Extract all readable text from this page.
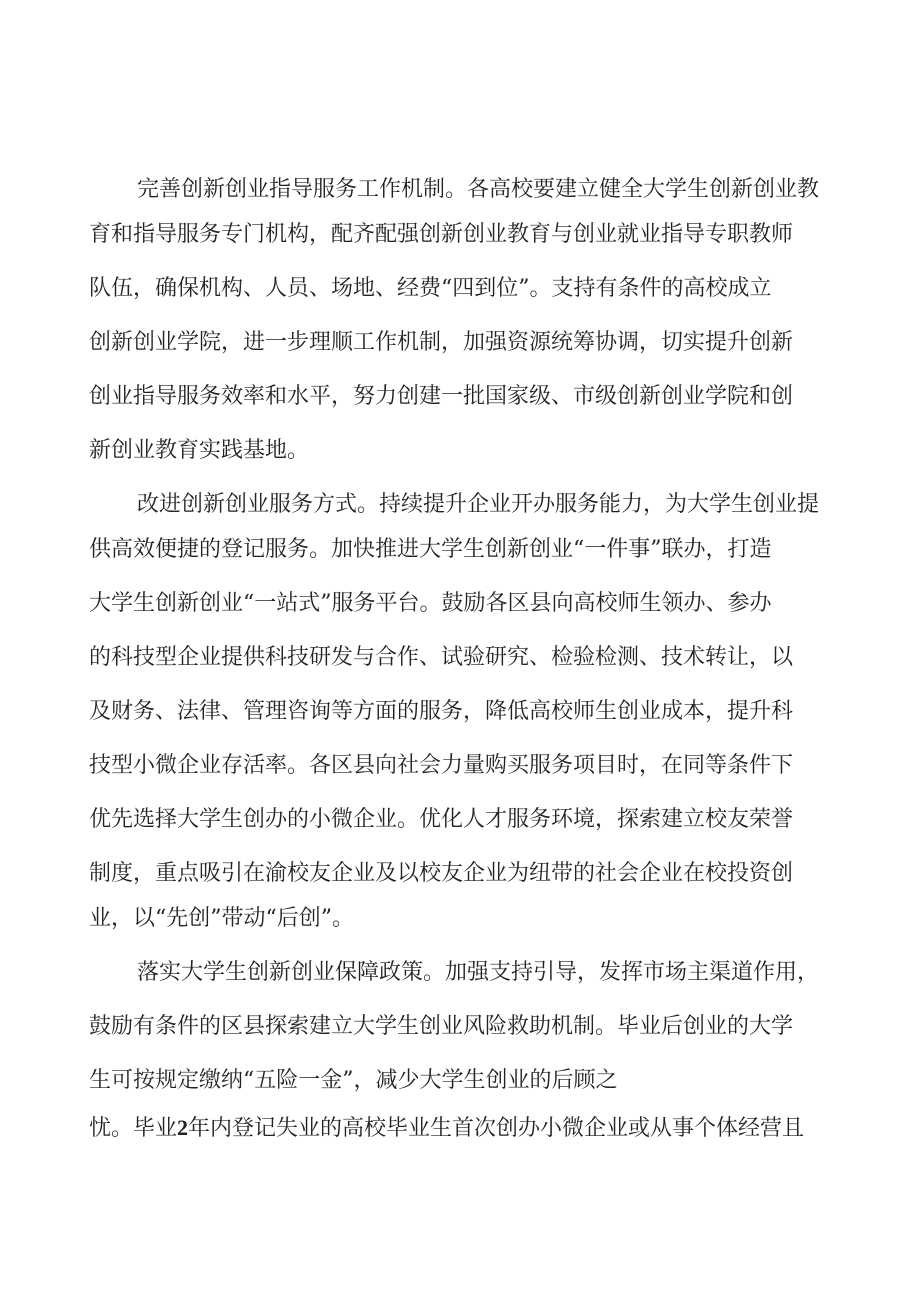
完善创新创业指导服务工作机制。各高校要建立健全大学生创新创业教
育和指导服务专门机构，配齐配强创新创业教育与创业就业指导专职教师
队伍，确保机构、人员、场地、经费“四到位”。支持有条件的高校成立
创新创业学院，进一步理顺工作机制，加强资源统筹协调，切实提升创新
创业指导服务效率和水平，努力创建一批国家级、市级创新创业学院和创
新创业教育实践基地。
改进创新创业服务方式。持续提升企业开办服务能力，为大学生创业提
供高效便捷的登记服务。加快推进大学生创新创业“一件事”联办，打造
大学生创新创业“一站式”服务平台。鼓励各区县向高校师生领办、参办
的科技型企业提供科技研发与合作、试验研究、检验检测、技术转让，以
及财务、法律、管理咨询等方面的服务，降低高校师生创业成本，提升科
技型小微企业存活率。各区县向社会力量购买服务项目时，在同等条件下
优先选择大学生创办的小微企业。优化人才服务环境，探索建立校友荣誉
制度，重点吸引在渝校友企业及以校友企业为纽带的社会企业在校投资创
业，以“先创”带动“后创”。
落实大学生创新创业保障政策。加强支持引导，发挥市场主渠道作用，
鼓励有条件的区县探索建立大学生创业风险救助机制。毕业后创业的大学
生可按规定缴纳“五险一金”，减少大学生创业的后顾之
忧。毕业2年内登记失业的高校毕业生首次创办小微企业或从事个体经营且
